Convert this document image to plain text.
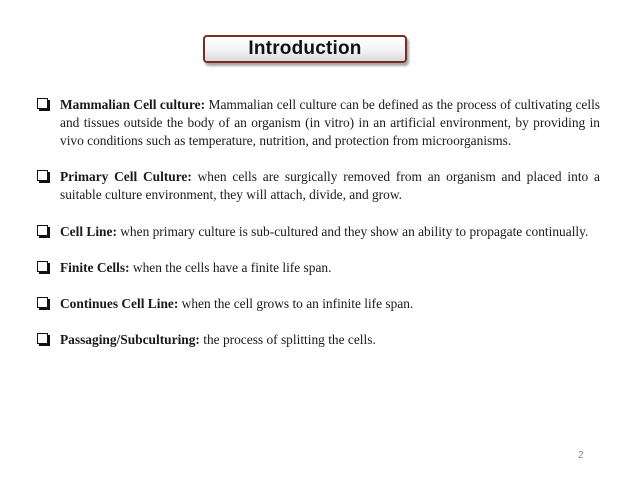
Introduction
Mammalian Cell culture: Mammalian cell culture can be defined as the process of cultivating cells and tissues outside the body of an organism (in vitro) in an artificial environment, by providing in vivo conditions such as temperature, nutrition, and protection from microorganisms.
Primary Cell Culture: when cells are surgically removed from an organism and placed into a suitable culture environment, they will attach, divide, and grow.
Cell Line: when primary culture is sub-cultured and they show an ability to propagate continually.
Finite Cells: when the cells have a finite life span.
Continues Cell Line: when the cell grows to an infinite life span.
Passaging/Subculturing: the process of splitting the cells.
2
